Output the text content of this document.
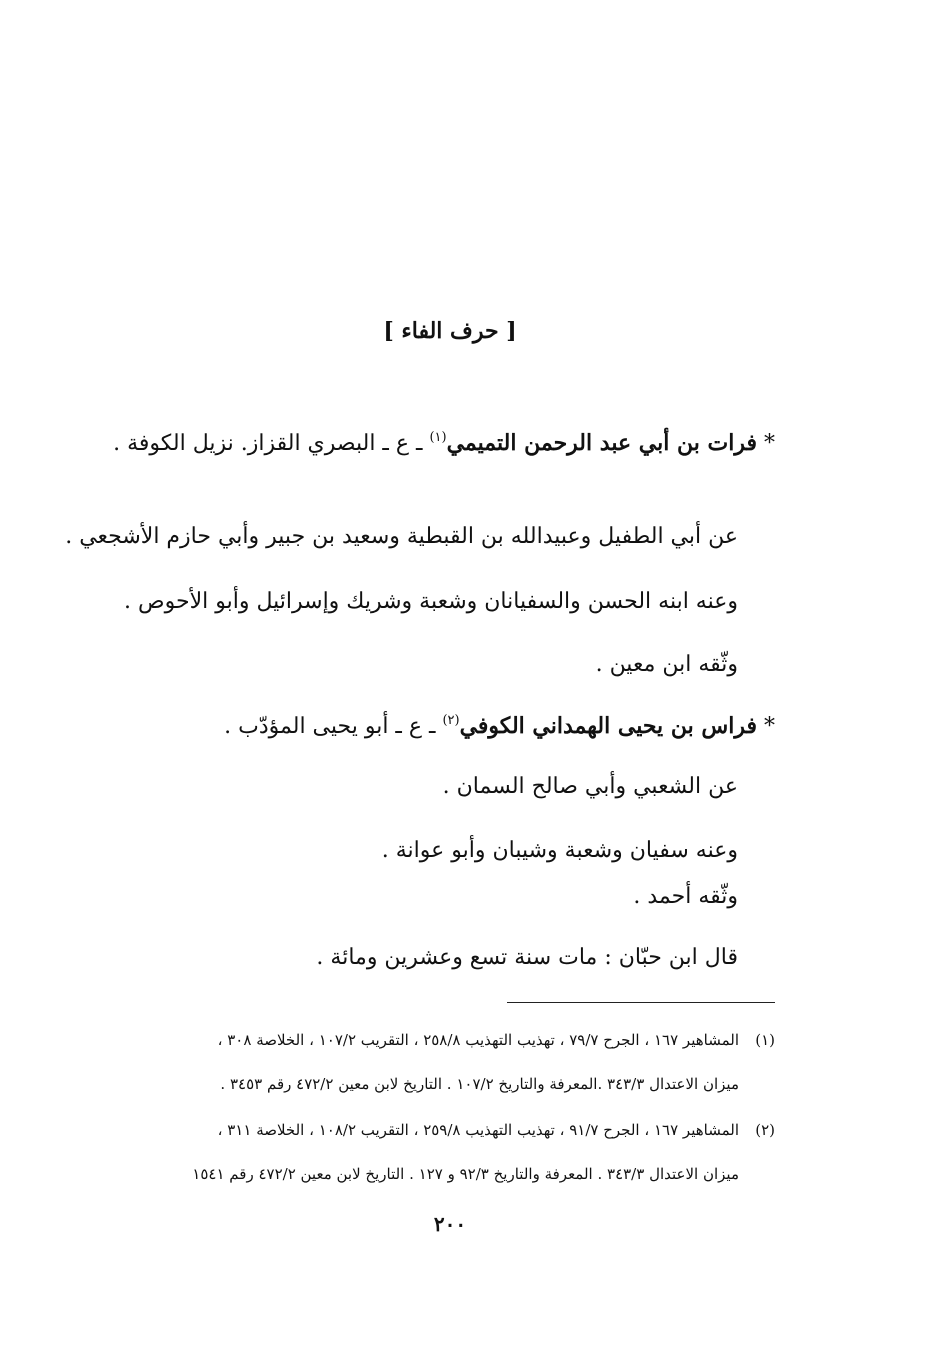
[ حرف الفاء ]
* فرات بن أبي عبد الرحمن التميمي$^{(١)}$ ـ ع ـ البصري القزاز. نزيل الكوفة .
عن أبي الطفيل وعبيدالله بن القبطية وسعيد بن جبير وأبي حازم الأشجعي .
وعنه ابنه الحسن والسفيانان وشعبة وشريك وإسرائيل وأبو الأحوص .
وثّقه ابن معين .
* فراس بن يحيى الهمداني الكوفي$^{(٢)}$ ـ ع ـ أبو يحيى المؤدّب .
عن الشعبي وأبي صالح السمان .
وعنه سفيان وشعبة وشيبان وأبو عوانة .
وثّقه أحمد .
قال ابن حبّان : مات سنة تسع وعشرين ومائة .
(١)
المشاهير ١٦٧ ، الجرح ٧٩/٧ ، تهذيب التهذيب ٢٥٨/٨ ، التقريب ١٠٧/٢ ، الخلاصة ٣٠٨ ،
ميزان الاعتدال ٣٤٣/٣ .المعرفة والتاريخ ١٠٧/٢ . التاريخ لابن معين ٤٧٢/٢ رقم ٣٤٥٣ .
(٢)
المشاهير ١٦٧ ، الجرح ٩١/٧ ، تهذيب التهذيب ٢٥٩/٨ ، التقريب ١٠٨/٢ ، الخلاصة ٣١١ ،
ميزان الاعتدال ٣٤٣/٣ . المعرفة والتاريخ ٩٢/٣ و ١٢٧ . التاريخ لابن معين ٤٧٢/٢ رقم ١٥٤١
٢٠٠
